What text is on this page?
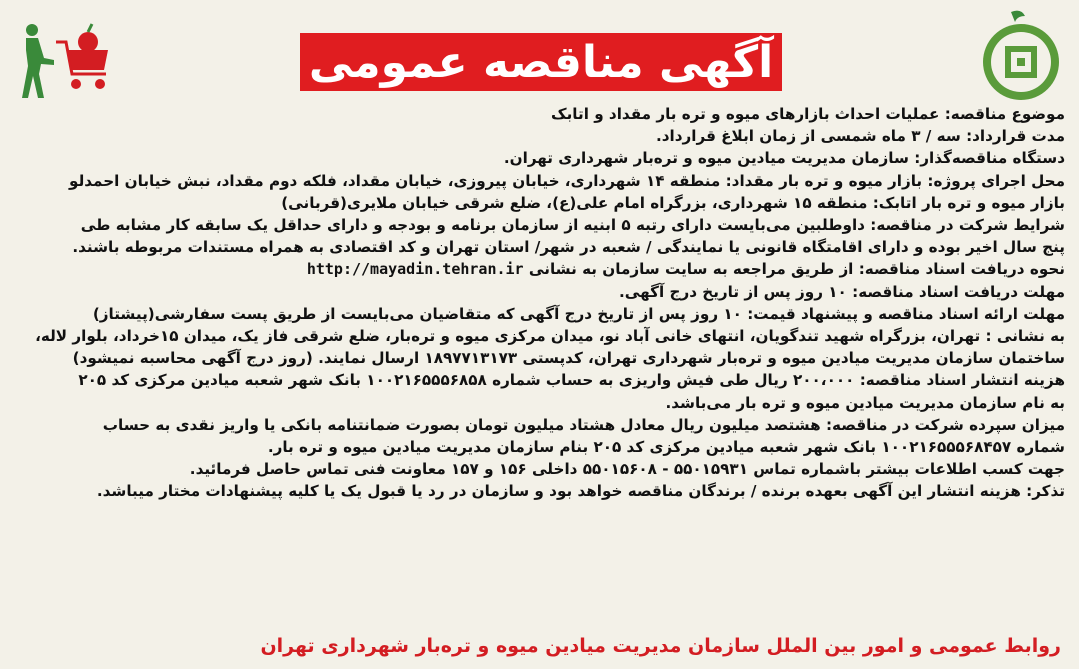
آگهی مناقصه عمومی
موضوع مناقصه: عملیات احداث بازارهای میوه و تره بار مقداد و اتابک
مدت قرارداد: سه / ۳ ماه شمسی از زمان ابلاغ قرارداد.
دستگاه مناقصه‌گذار: سازمان مدیریت میادین میوه و تره‌بار شهرداری تهران.
محل اجرای پروژه: بازار میوه و تره بار مقداد: منطقه ۱۴ شهرداری، خیابان پیروزی، خیابان مقداد، فلکه دوم مقداد، نبش خیابان احمدلو
بازار میوه و تره بار اتابک: منطقه ۱۵ شهرداری، بزرگراه امام علی(ع)، ضلع شرقی خیابان ملایری(قربانی)
شرایط شرکت در مناقصه: داوطلبین می‌بایست دارای رتبه ۵ ابنیه از سازمان برنامه و بودجه و دارای حداقل یک سابقه کار مشابه طی
پنج سال اخیر بوده و دارای اقامتگاه قانونی یا نمایندگی / شعبه در شهر/ استان تهران و کد اقتصادی به همراه مستندات مربوطه باشند.
نحوه دریافت اسناد مناقصه: از طریق مراجعه به سایت سازمان به نشانی http://mayadin.tehran.ir
مهلت دریافت اسناد مناقصه: ۱۰ روز پس از تاریخ درج آگهی.
مهلت ارائه اسناد مناقصه و پیشنهاد قیمت: ۱۰ روز پس از تاریخ درج آگهی که متقاضیان می‌بایست از طریق پست سفارشی(پیشتاز)
به نشانی : تهران، بزرگراه شهید تندگویان، انتهای خانی آباد نو، میدان مرکزی میوه و تره‌بار، ضلع شرقی فاز یک، میدان ۱۵خرداد، بلوار لاله،
ساختمان سازمان مدیریت میادین میوه و تره‌بار شهرداری تهران، کدپستی ۱۸۹۷۷۱۳۱۷۳ ارسال نمایند. (روز درج آگهی محاسبه نمیشود)
هزینه انتشار اسناد مناقصه: ۲۰۰،۰۰۰ ریال طی فیش واریزی به حساب شماره ۱۰۰۲۱۶۵۵۵۶۸۵۸ بانک شهر شعبه میادین مرکزی کد ۲۰۵
به نام سازمان مدیریت میادین میوه و تره بار می‌باشد.
میزان سپرده شرکت در مناقصه: هشتصد میلیون ریال معادل هشتاد میلیون تومان بصورت ضمانتنامه بانکی یا واریز نقدی به حساب
شماره ۱۰۰۲۱۶۵۵۵۶۸۴۵۷ بانک شهر شعبه میادین مرکزی کد ۲۰۵ بنام سازمان مدیریت میادین میوه و تره بار.
جهت کسب اطلاعات بیشتر باشماره تماس ۵۵۰۱۵۹۳۱ - ۵۵۰۱۵۶۰۸ داخلی ۱۵۶ و ۱۵۷ معاونت فنی تماس حاصل فرمائید.
تذکر: هزینه انتشار این آگهی بعهده برنده / برندگان مناقصه خواهد بود و سازمان در رد یا قبول یک یا کلیه پیشنهادات مختار میباشد.
روابط عمومی و امور بین الملل سازمان مدیریت میادین میوه و تره‌بار شهرداری تهران
